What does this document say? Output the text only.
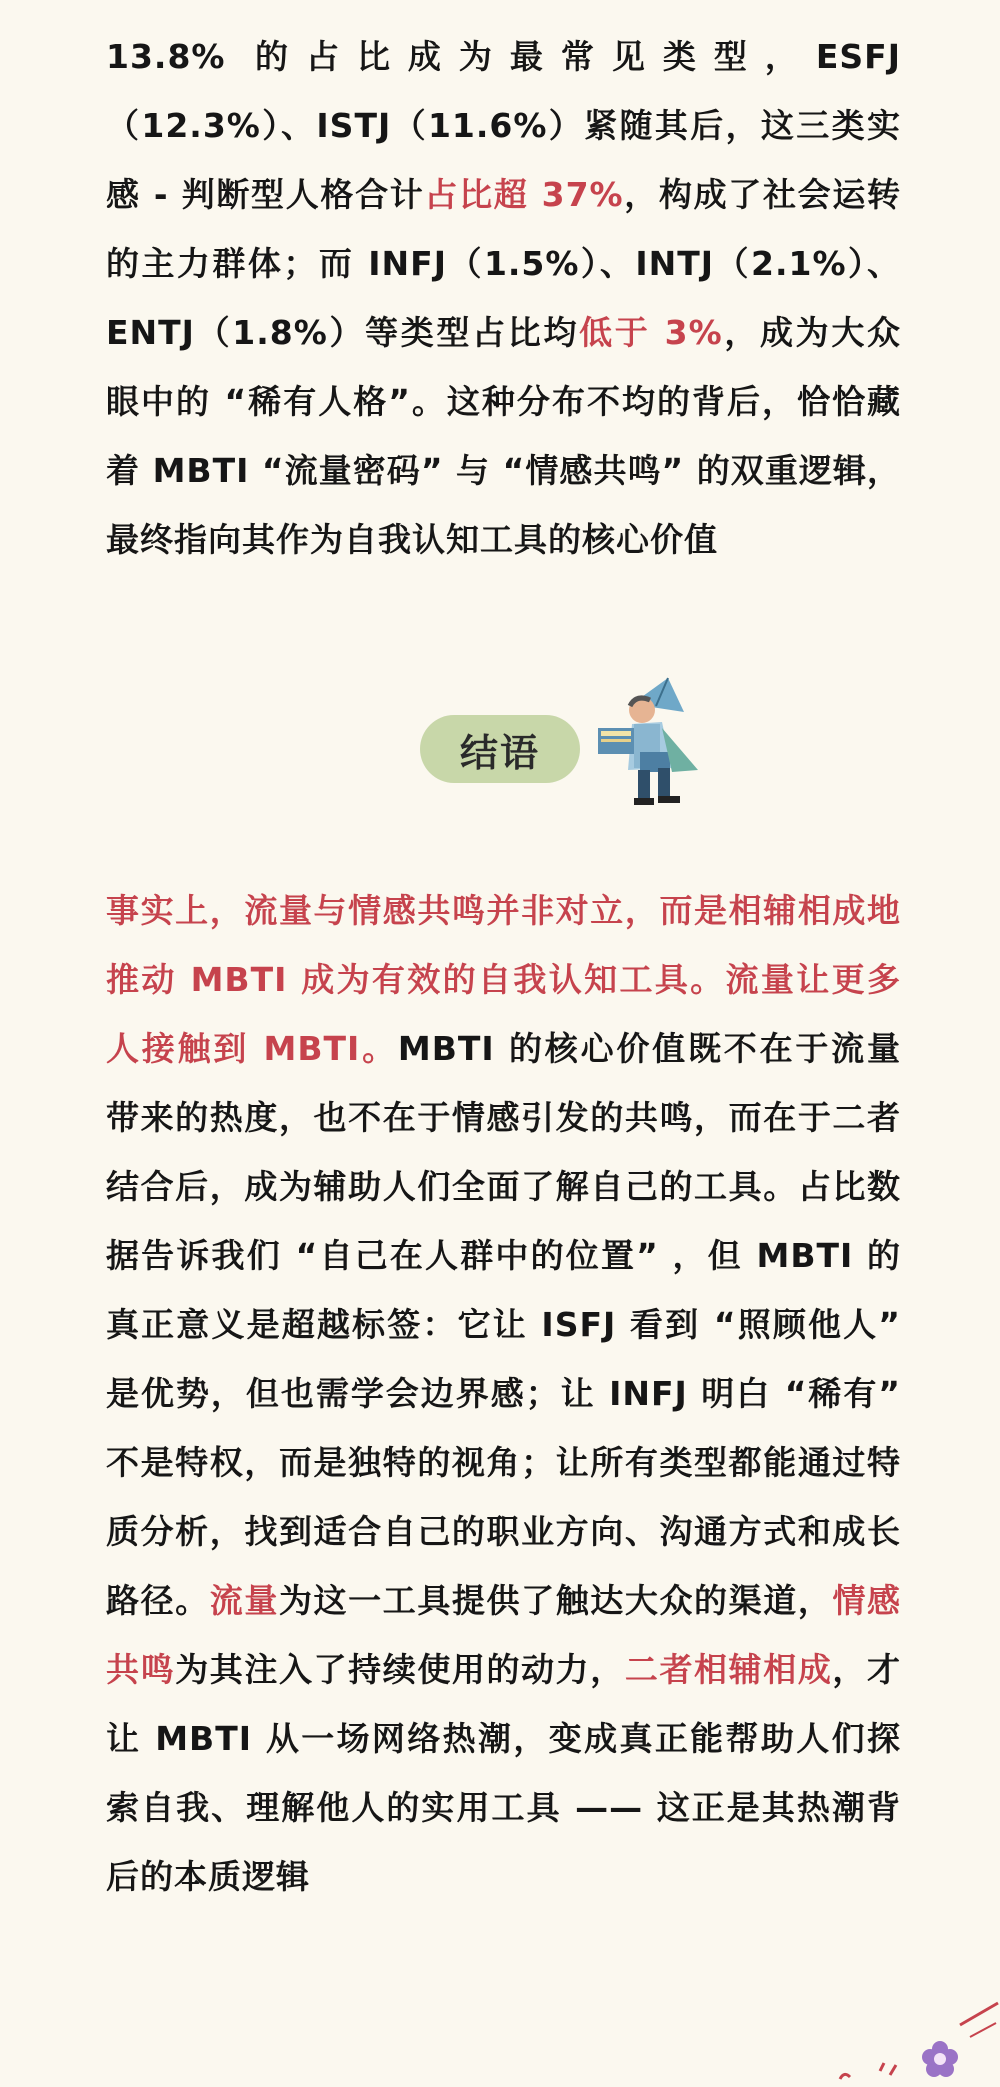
13.8% 的占比成为最常见类型，ESFJ（12.3%）、ISTJ（11.6%）紧随其后，这三类实感 - 判断型人格合计占比超 37%，构成了社会运转的主力群体；而 INFJ（1.5%）、INTJ（2.1%）、ENTJ（1.8%）等类型占比均低于 3%，成为大众眼中的 “稀有人格”。这种分布不均的背后，恰恰藏着 MBTI “流量密码” 与 “情感共鸣” 的双重逻辑，最终指向其作为自我认知工具的核心价值

结语

事实上，流量与情感共鸣并非对立，而是相辅相成地推动 MBTI 成为有效的自我认知工具。流量让更多人接触到 MBTI。MBTI 的核心价值既不在于流量带来的热度，也不在于情感引发的共鸣，而在于二者结合后，成为辅助人们全面了解自己的工具。占比数据告诉我们 “自己在人群中的位置” ，但 MBTI 的真正意义是超越标签：它让 ISFJ 看到 “照顾他人” 是优势，但也需学会边界感；让 INFJ 明白 “稀有” 不是特权，而是独特的视角；让所有类型都能通过特质分析，找到适合自己的职业方向、沟通方式和成长路径。流量为这一工具提供了触达大众的渠道，情感共鸣为其注入了持续使用的动力，二者相辅相成，才让 MBTI 从一场网络热潮，变成真正能帮助人们探索自我、理解他人的实用工具 —— 这正是其热潮背后的本质逻辑
